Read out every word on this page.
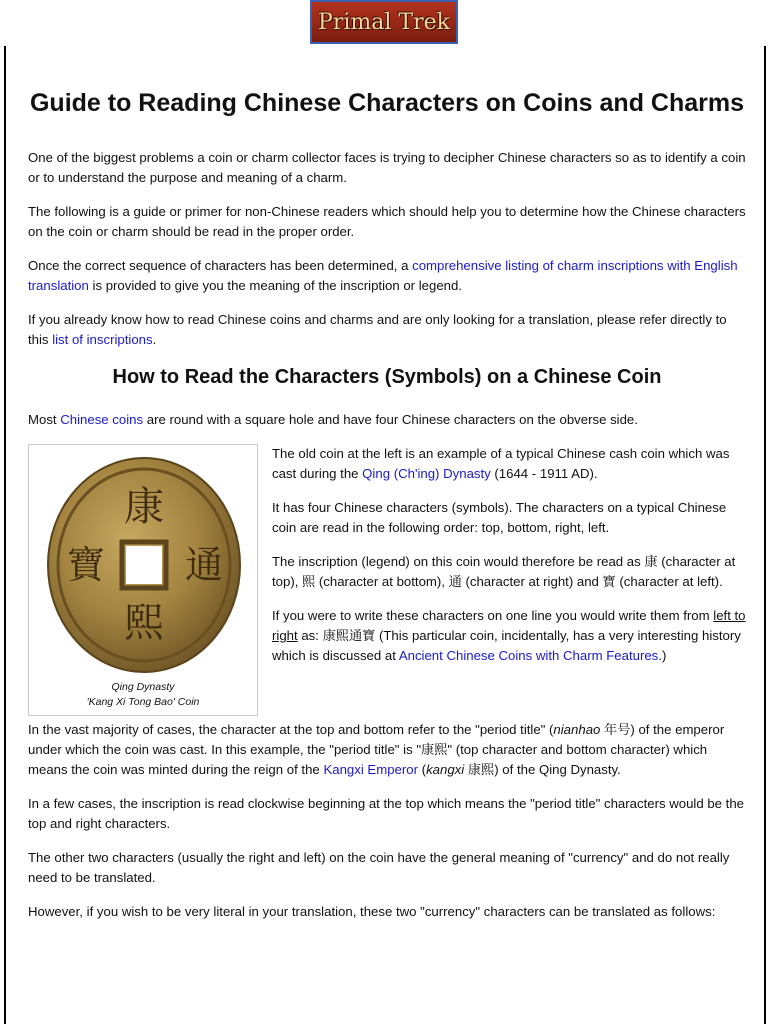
Primal Trek
Guide to Reading Chinese Characters on Coins and Charms

One of the biggest problems a coin or charm collector faces is trying to decipher Chinese characters so as to identify a coin or to understand the purpose and meaning of a charm.

The following is a guide or primer for non-Chinese readers which should help you to determine how the Chinese characters on the coin or charm should be read in the proper order.

Once the correct sequence of characters has been determined, a comprehensive listing of charm inscriptions with English translation is provided to give you the meaning of the inscription or legend.

If you already know how to read Chinese coins and charms and are only looking for a translation, please refer directly to this list of inscriptions.

How to Read the Characters (Symbols) on a Chinese Coin

Most Chinese coins are round with a square hole and have four Chinese characters on the obverse side.

康
熙
通
寶
Qing Dynasty
'Kang Xi Tong Bao' Coin

The old coin at the left is an example of a typical Chinese cash coin which was cast during the Qing (Ch'ing) Dynasty (1644 - 1911 AD).

It has four Chinese characters (symbols). The characters on a typical Chinese coin are read in the following order: top, bottom, right, left.

The inscription (legend) on this coin would therefore be read as 康 (character at top), 熙 (character at bottom), 通 (character at right) and 寶 (character at left).

If you were to write these characters on one line you would write them from left to right as: 康熙通寶 (This particular coin, incidentally, has a very interesting history which is discussed at Ancient Chinese Coins with Charm Features.)

In the vast majority of cases, the character at the top and bottom refer to the "period title" (nianhao 年号) of the emperor under which the coin was cast. In this example, the "period title" is "康熙" (top character and bottom character) which means the coin was minted during the reign of the Kangxi Emperor (kangxi 康熙) of the Qing Dynasty.

In a few cases, the inscription is read clockwise beginning at the top which means the "period title" characters would be the top and right characters.

The other two characters (usually the right and left) on the coin have the general meaning of "currency" and do not really need to be translated.

However, if you wish to be very literal in your translation, these two "currency" characters can be translated as follows:
